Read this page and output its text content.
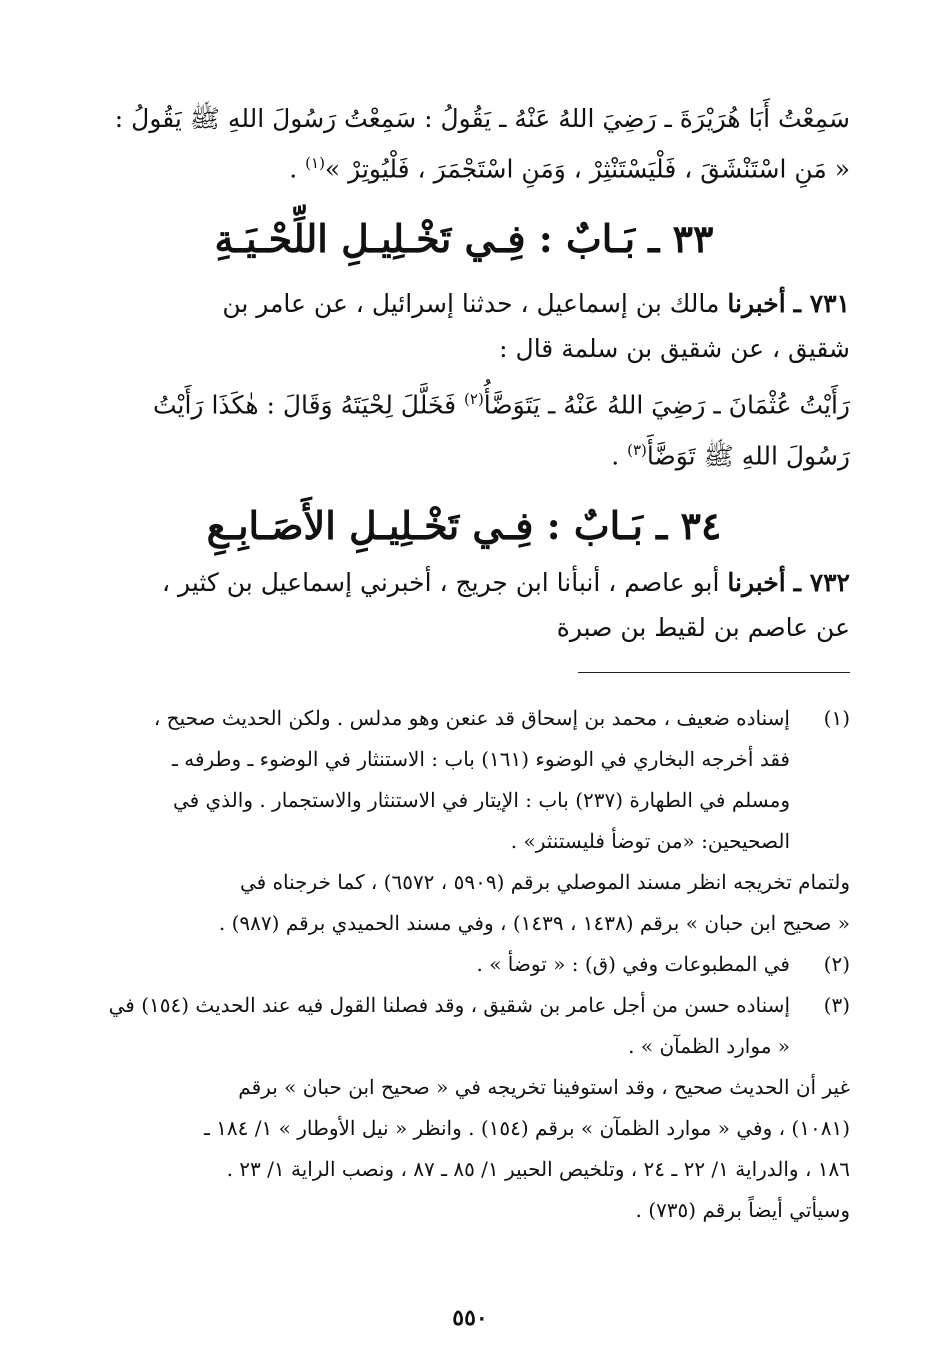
سَمِعْتُ أَبَا هُرَيْرَةَ ـ رَضِيَ اللهُ عَنْهُ ـ يَقُولُ : سَمِعْتُ رَسُولَ اللهِ ﷺ يَقُولُ :

« مَنِ اسْتَنْشَقَ ، فَلْيَسْتَنْثِرْ ، وَمَنِ اسْتَجْمَرَ ، فَلْيُوتِرْ »$^{(١)}$ .

٣٣ ـ بَـابٌ : فِـي تَخْـلِيـلِ اللِّحْـيَـةِ

٧٣١ ـ أخبرنا مالك بن إسماعيل ، حدثنا إسرائيل ، عن عامر بن

شقيق ، عن شقيق بن سلمة قال :

رَأَيْتُ عُثْمَانَ ـ رَضِيَ اللهُ عَنْهُ ـ يَتَوَضَّأُ$^{(٢)}$ فَخَلَّلَ لِحْيَتَهُ وَقَالَ : هٰكَذَا رَأَيْتُ

رَسُولَ اللهِ ﷺ تَوَضَّأَ$^{(٣)}$ .

٣٤ ـ بَـابٌ : فِـي تَخْـلِيـلِ الأَصَـابِـعِ

٧٣٢ ـ أخبرنا أبو عاصم ، أنبأنا ابن جريج ، أخبرني إسماعيل بن كثير ،

عن عاصم بن لقيط بن صبرة

(١)
إسناده ضعيف ، محمد بن إسحاق قد عنعن وهو مدلس . ولكن الحديث صحيح ،
فقد أخرجه البخاري في الوضوء (١٦١) باب : الاستنثار في الوضوء ـ وطرفه ـ
ومسلم في الطهارة (٢٣٧) باب : الإيتار في الاستنثار والاستجمار . والذي في
الصحيحين: «من توضأ فليستنثر» .

ولتمام تخريجه انظر مسند الموصلي برقم (٥٩٠٩ ، ٦٥٧٢) ، كما خرجناه في

« صحيح ابن حبان » برقم (١٤٣٨ ، ١٤٣٩) ، وفي مسند الحميدي برقم (٩٨٧) .

(٢)
في المطبوعات وفي (ق) : « توضأ » .
(٣)
إسناده حسن من أجل عامر بن شقيق ، وقد فصلنا القول فيه عند الحديث (١٥٤) في
« موارد الظمآن » .

غير أن الحديث صحيح ، وقد استوفينا تخريجه في « صحيح ابن حبان » برقم

(١٠٨١) ، وفي « موارد الظمآن » برقم (١٥٤) . وانظر « نيل الأوطار » ١/ ١٨٤ ـ

١٨٦ ، والدراية ١/ ٢٢ ـ ٢٤ ، وتلخيص الحبير ١/ ٨٥ ـ ٨٧ ، ونصب الراية ١/ ٢٣ .

وسيأتي أيضاً برقم (٧٣٥) .

٥٥٠
